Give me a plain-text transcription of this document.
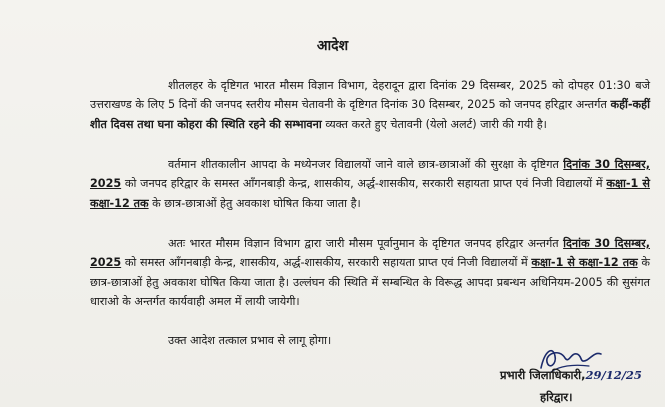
आदेश
शीतलहर के दृष्टिगत भारत मौसम विज्ञान विभाग, देहरादून द्वारा दिनांक 29 दिसम्बर, 2025 को दोपहर 01:30 बजे उत्तराखण्ड के लिए 5 दिनों की जनपद स्तरीय मौसम चेतावनी के दृष्टिगत दिनांक 30 दिसम्बर, 2025 को जनपद हरिद्वार अन्तर्गत कहीं-कहीं शीत दिवस तथा घना कोहरा की स्थिति रहने की सम्भावना व्यक्त करते हुए चेतावनी (येलो अलर्ट) जारी की गयी है।
वर्तमान शीतकालीन आपदा के मध्येनजर विद्यालयों जाने वाले छात्र-छात्राओं की सुरक्षा के दृष्टिगत दिनांक 30 दिसम्बर, 2025 को जनपद हरिद्वार के समस्त आँगनबाड़ी केन्द्र, शासकीय, अर्द्ध-शासकीय, सरकारी सहायता प्राप्त एवं निजी विद्यालयों में कक्षा-1 से कक्षा-12 तक के छात्र-छात्राओं हेतु अवकाश घोषित किया जाता है।
अतः भारत मौसम विज्ञान विभाग द्वारा जारी मौसम पूर्वानुमान के दृष्टिगत जनपद हरिद्वार अन्तर्गत दिनांक 30 दिसम्बर, 2025 को समस्त आँगनबाड़ी केन्द्र, शासकीय, अर्द्ध-शासकीय, सरकारी सहायता प्राप्त एवं निजी विद्यालयों में कक्षा-1 से कक्षा-12 तक के छात्र-छात्राओं हेतु अवकाश घोषित किया जाता है। उल्लंघन की स्थिति में सम्बन्धित के विरूद्ध आपदा प्रबन्धन अधिनियम-2005 की सुसंगत धाराओ के अन्तर्गत कार्यवाही अमल में लायी जायेगी।
उक्त आदेश तत्काल प्रभाव से लागू होगा।
प्रभारी जिलाधिकारी,29/12/25
हरिद्वार।
